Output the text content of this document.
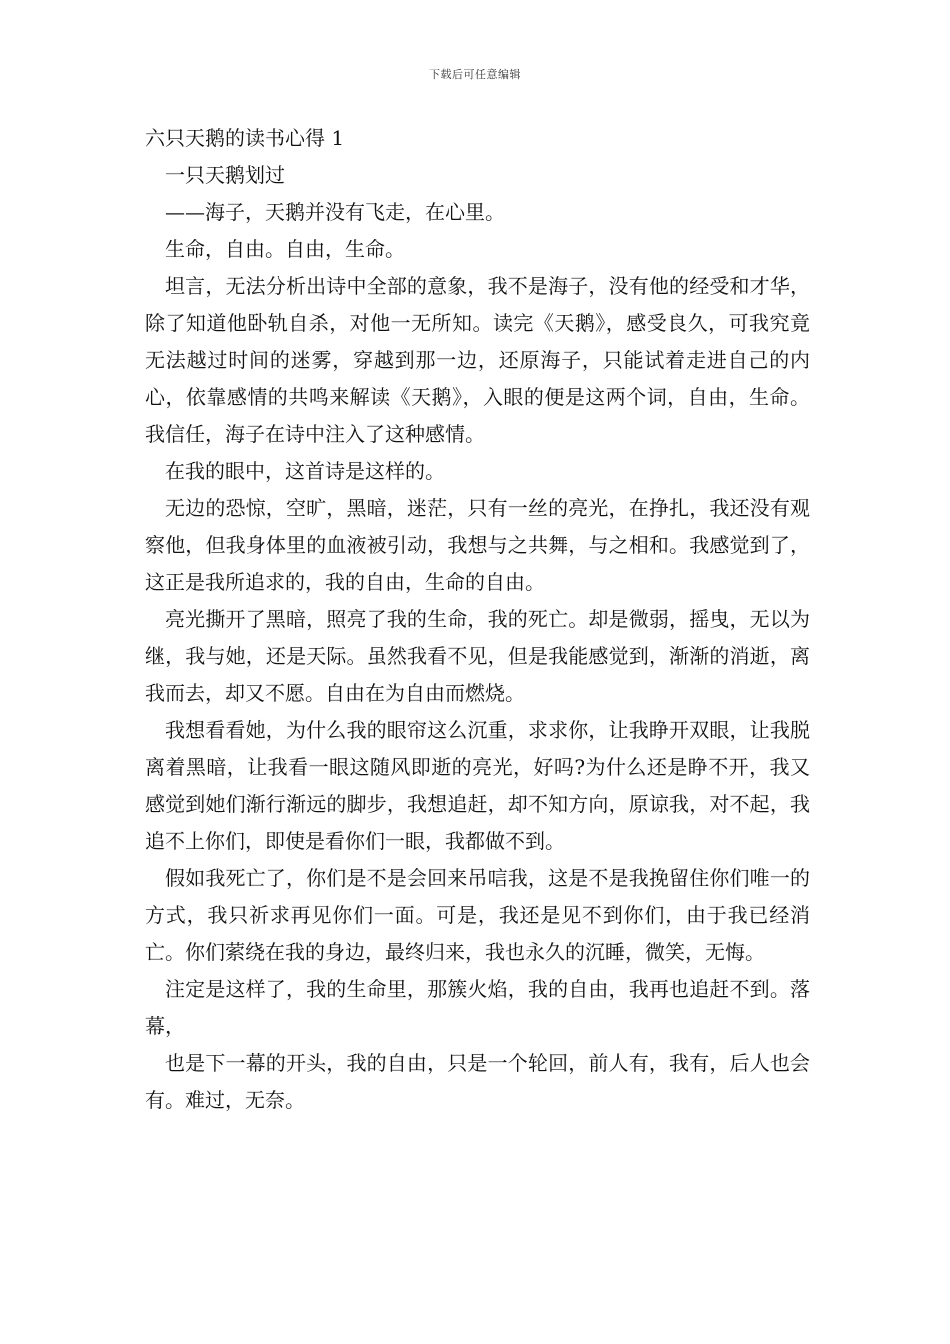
下载后可任意编辑
六只天鹅的读书心得 1

一只天鹅划过

——海子，天鹅并没有飞走，在心里。

生命，自由。自由，生命。

坦言，无法分析出诗中全部的意象，我不是海子，没有他的经受和才华，除了知道他卧轨自杀，对他一无所知。读完《天鹅》，感受良久，可我究竟无法越过时间的迷雾，穿越到那一边，还原海子，只能试着走进自己的内心，依靠感情的共鸣来解读《天鹅》，入眼的便是这两个词，自由，生命。我信任，海子在诗中注入了这种感情。

在我的眼中，这首诗是这样的。

无边的恐惊，空旷，黑暗，迷茫，只有一丝的亮光，在挣扎，我还没有观察他，但我身体里的血液被引动，我想与之共舞，与之相和。我感觉到了，这正是我所追求的，我的自由，生命的自由。

亮光撕开了黑暗，照亮了我的生命，我的死亡。却是微弱，摇曳，无以为继，我与她，还是天际。虽然我看不见，但是我能感觉到，渐渐的消逝，离我而去，却又不愿。自由在为自由而燃烧。

我想看看她，为什么我的眼帘这么沉重，求求你，让我睁开双眼，让我脱离着黑暗，让我看一眼这随风即逝的亮光，好吗?为什么还是睁不开，我又感觉到她们渐行渐远的脚步，我想追赶，却不知方向，原谅我，对不起，我追不上你们，即使是看你们一眼，我都做不到。

假如我死亡了，你们是不是会回来吊唁我，这是不是我挽留住你们唯一的方式，我只祈求再见你们一面。可是，我还是见不到你们，由于我已经消亡。你们萦绕在我的身边，最终归来，我也永久的沉睡，微笑，无悔。

注定是这样了，我的生命里，那簇火焰，我的自由，我再也追赶不到。落幕，

也是下一幕的开头，我的自由，只是一个轮回，前人有，我有，后人也会有。难过，无奈。
